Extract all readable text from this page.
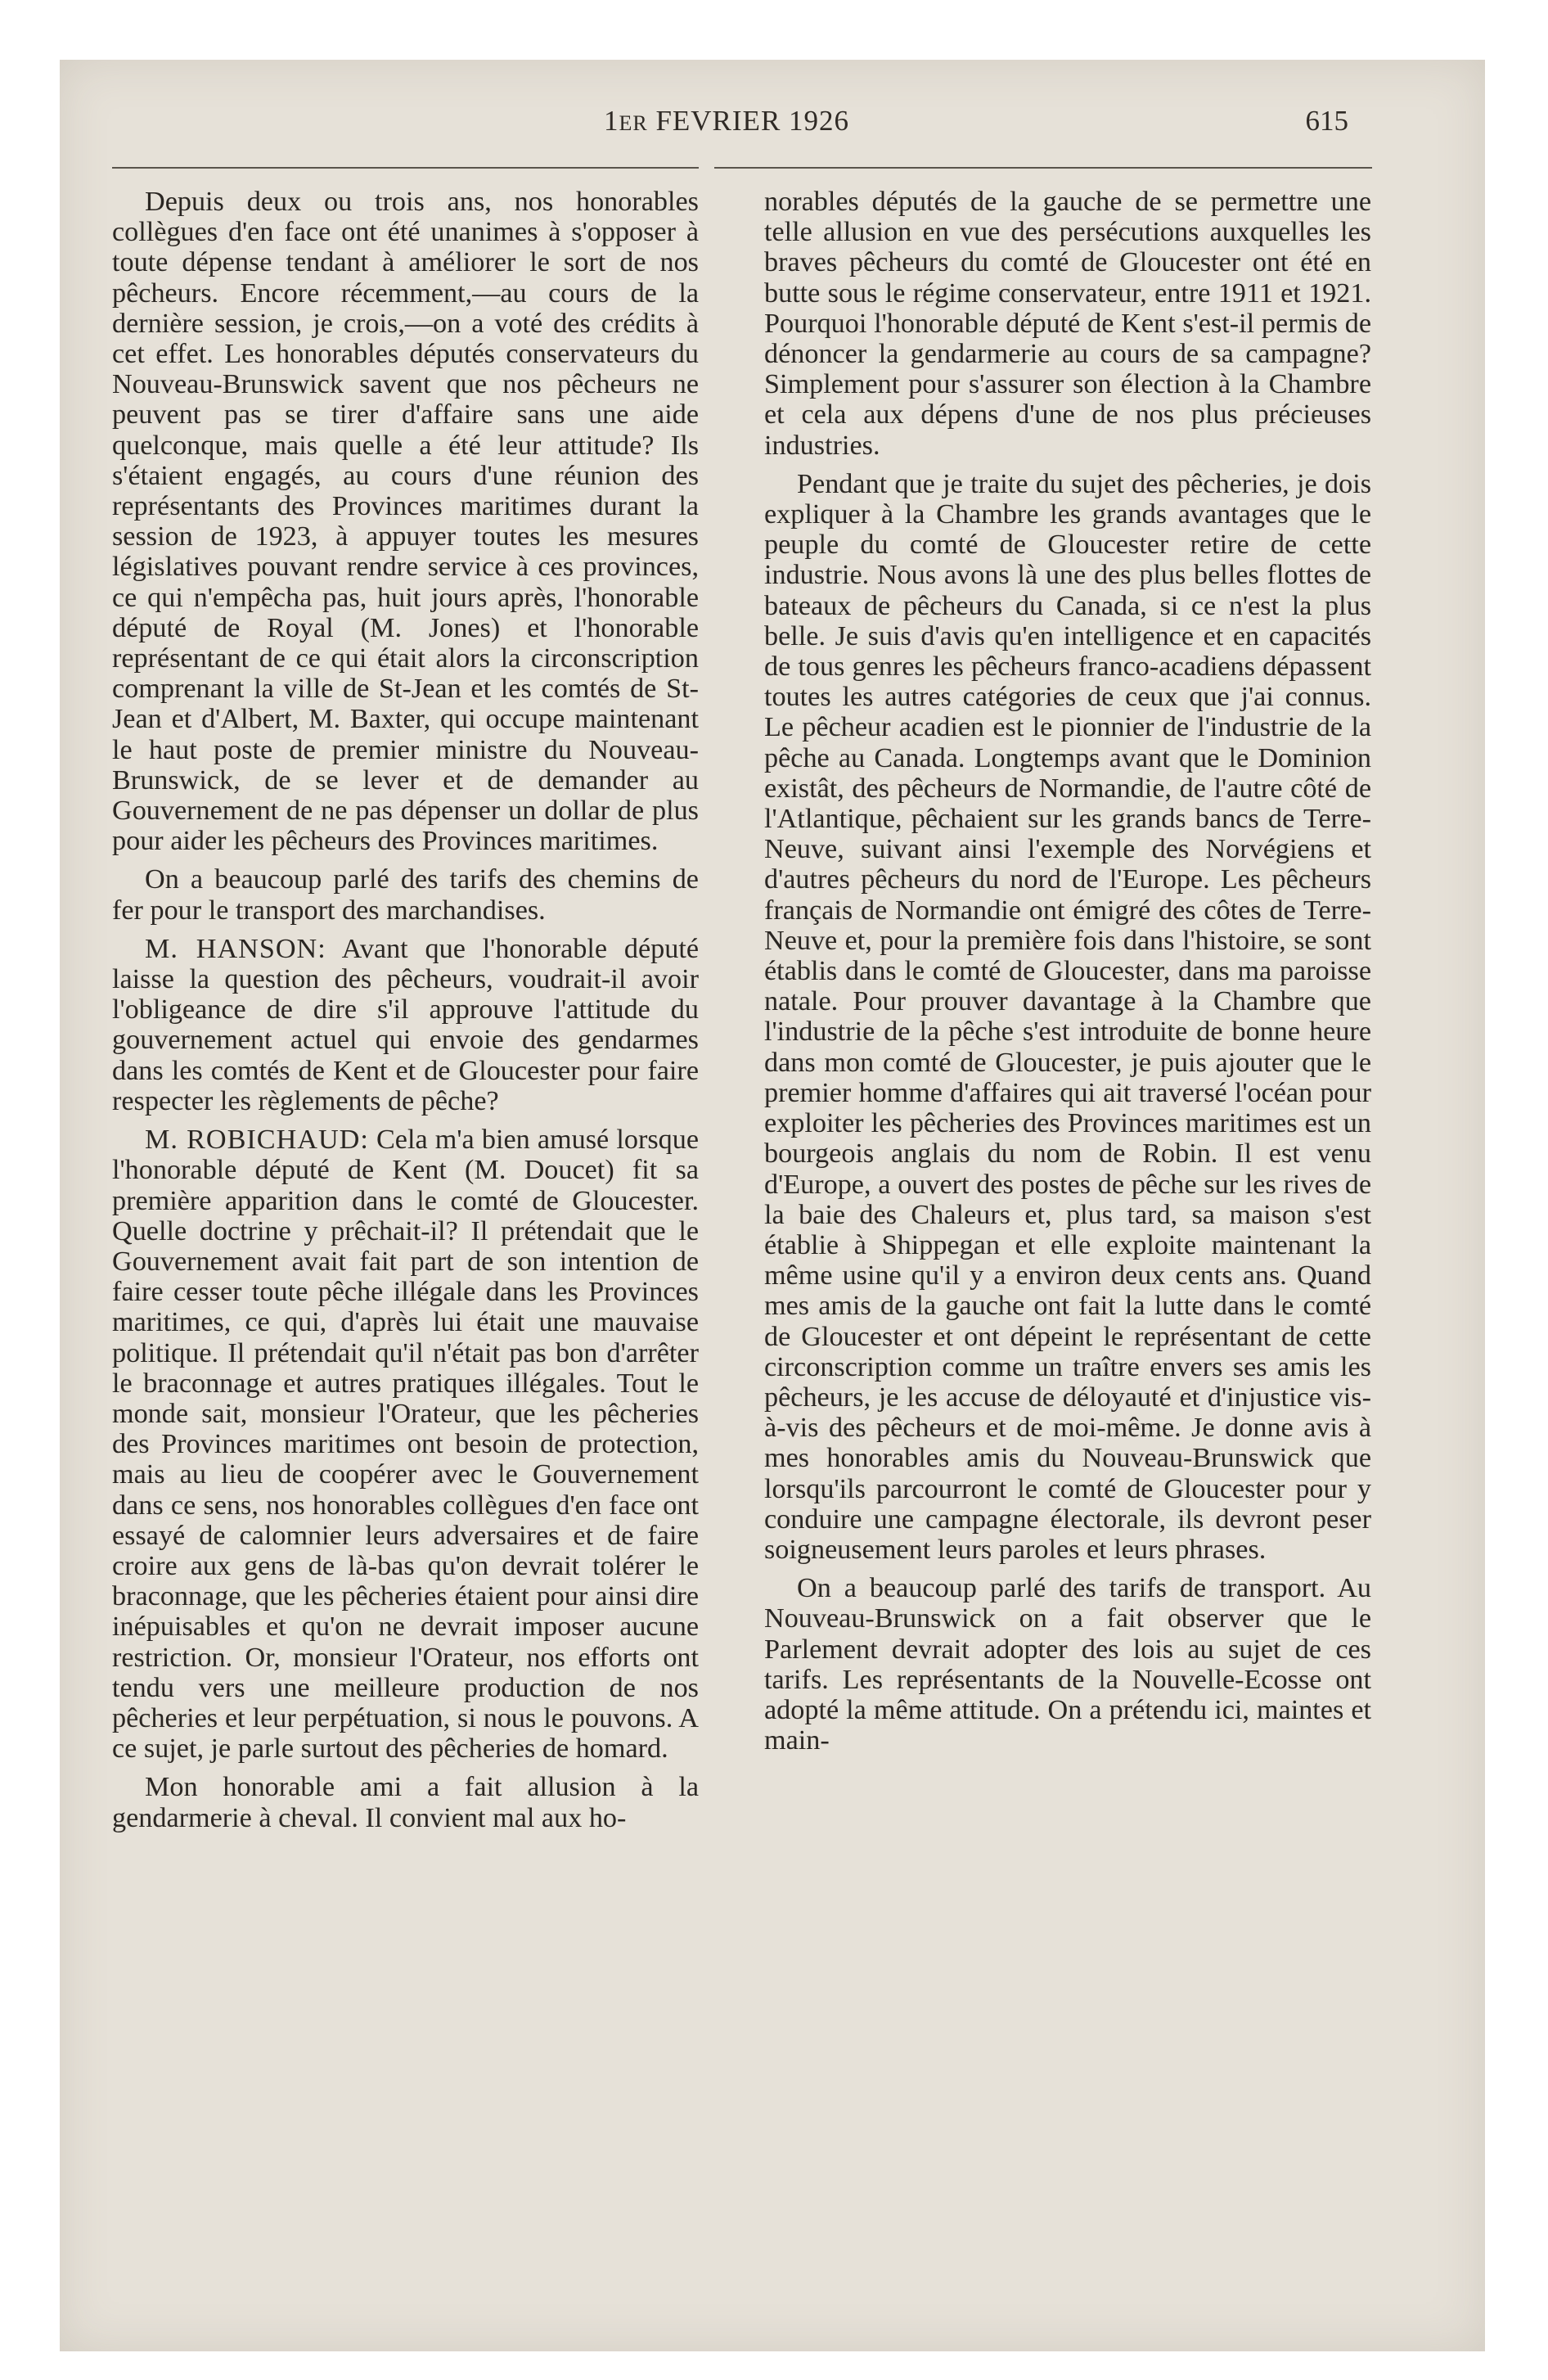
1ER FEVRIER 1926	615

Depuis deux ou trois ans, nos honorables collègues d'en face ont été unanimes à s'opposer à toute dépense tendant à améliorer le sort de nos pêcheurs. Encore récemment,—au cours de la dernière session, je crois,—on a voté des crédits à cet effet. Les honorables députés conservateurs du Nouveau-Brunswick savent que nos pêcheurs ne peuvent pas se tirer d'affaire sans une aide quelconque, mais quelle a été leur attitude? Ils s'étaient engagés, au cours d'une réunion des représentants des Provinces maritimes durant la session de 1923, à appuyer toutes les mesures législatives pouvant rendre service à ces provinces, ce qui n'empêcha pas, huit jours après, l'honorable député de Royal (M. Jones) et l'honorable représentant de ce qui était alors la circonscription comprenant la ville de St-Jean et les comtés de St-Jean et d'Albert, M. Baxter, qui occupe maintenant le haut poste de premier ministre du Nouveau-Brunswick, de se lever et de demander au Gouvernement de ne pas dépenser un dollar de plus pour aider les pêcheurs des Provinces maritimes.

On a beaucoup parlé des tarifs des chemins de fer pour le transport des marchandises.

M. HANSON: Avant que l'honorable député laisse la question des pêcheurs, voudrait-il avoir l'obligeance de dire s'il approuve l'attitude du gouvernement actuel qui envoie des gendarmes dans les comtés de Kent et de Gloucester pour faire respecter les règlements de pêche?

M. ROBICHAUD: Cela m'a bien amusé lorsque l'honorable député de Kent (M. Doucet) fit sa première apparition dans le comté de Gloucester. Quelle doctrine y prêchait-il? Il prétendait que le Gouvernement avait fait part de son intention de faire cesser toute pêche illégale dans les Provinces maritimes, ce qui, d'après lui était une mauvaise politique. Il prétendait qu'il n'était pas bon d'arrêter le braconnage et autres pratiques illégales. Tout le monde sait, monsieur l'Orateur, que les pêcheries des Provinces maritimes ont besoin de protection, mais au lieu de coopérer avec le Gouvernement dans ce sens, nos honorables collègues d'en face ont essayé de calomnier leurs adversaires et de faire croire aux gens de là-bas qu'on devrait tolérer le braconnage, que les pêcheries étaient pour ainsi dire inépuisables et qu'on ne devrait imposer aucune restriction. Or, monsieur l'Orateur, nos efforts ont tendu vers une meilleure production de nos pêcheries et leur perpétuation, si nous le pouvons. A ce sujet, je parle surtout des pêcheries de homard.

Mon honorable ami a fait allusion à la gendarmerie à cheval. Il convient mal aux ho-

norables députés de la gauche de se permettre une telle allusion en vue des persécutions auxquelles les braves pêcheurs du comté de Gloucester ont été en butte sous le régime conservateur, entre 1911 et 1921. Pourquoi l'honorable député de Kent s'est-il permis de dénoncer la gendarmerie au cours de sa campagne? Simplement pour s'assurer son élection à la Chambre et cela aux dépens d'une de nos plus précieuses industries.

Pendant que je traite du sujet des pêcheries, je dois expliquer à la Chambre les grands avantages que le peuple du comté de Gloucester retire de cette industrie. Nous avons là une des plus belles flottes de bateaux de pêcheurs du Canada, si ce n'est la plus belle. Je suis d'avis qu'en intelligence et en capacités de tous genres les pêcheurs franco-acadiens dépassent toutes les autres catégories de ceux que j'ai connus. Le pêcheur acadien est le pionnier de l'industrie de la pêche au Canada. Longtemps avant que le Dominion existât, des pêcheurs de Normandie, de l'autre côté de l'Atlantique, pêchaient sur les grands bancs de Terre-Neuve, suivant ainsi l'exemple des Norvégiens et d'autres pêcheurs du nord de l'Europe. Les pêcheurs français de Normandie ont émigré des côtes de Terre-Neuve et, pour la première fois dans l'histoire, se sont établis dans le comté de Gloucester, dans ma paroisse natale. Pour prouver davantage à la Chambre que l'industrie de la pêche s'est introduite de bonne heure dans mon comté de Gloucester, je puis ajouter que le premier homme d'affaires qui ait traversé l'océan pour exploiter les pêcheries des Provinces maritimes est un bourgeois anglais du nom de Robin. Il est venu d'Europe, a ouvert des postes de pêche sur les rives de la baie des Chaleurs et, plus tard, sa maison s'est établie à Shippegan et elle exploite maintenant la même usine qu'il y a environ deux cents ans. Quand mes amis de la gauche ont fait la lutte dans le comté de Gloucester et ont dépeint le représentant de cette circonscription comme un traître envers ses amis les pêcheurs, je les accuse de déloyauté et d'injustice vis-à-vis des pêcheurs et de moi-même. Je donne avis à mes honorables amis du Nouveau-Brunswick que lorsqu'ils parcourront le comté de Gloucester pour y conduire une campagne électorale, ils devront peser soigneusement leurs paroles et leurs phrases.

On a beaucoup parlé des tarifs de transport. Au Nouveau-Brunswick on a fait observer que le Parlement devrait adopter des lois au sujet de ces tarifs. Les représentants de la Nouvelle-Ecosse ont adopté la même attitude. On a prétendu ici, maintes et main-
